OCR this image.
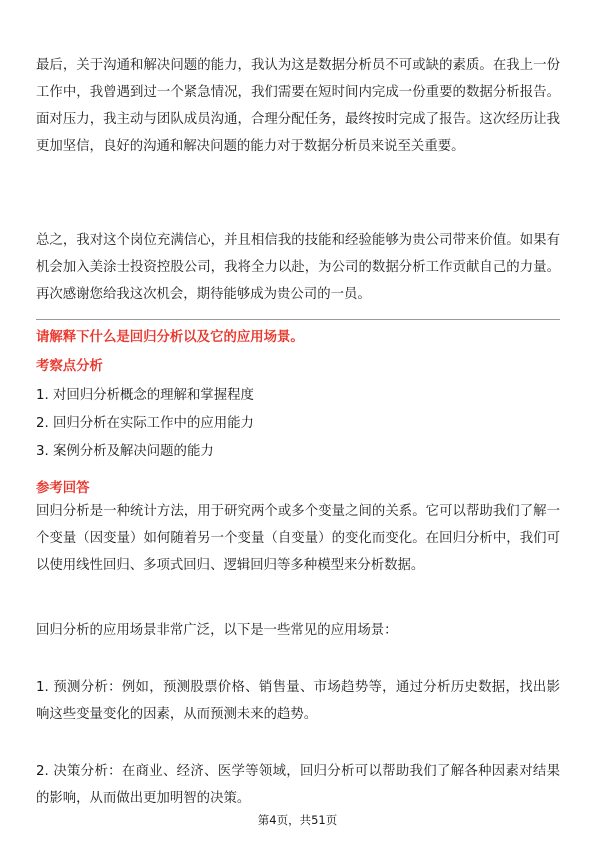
最后，关于沟通和解决问题的能力，我认为这是数据分析员不可或缺的素质。在我上一份工作中，我曾遇到过一个紧急情况，我们需要在短时间内完成一份重要的数据分析报告。面对压力，我主动与团队成员沟通，合理分配任务，最终按时完成了报告。这次经历让我更加坚信，良好的沟通和解决问题的能力对于数据分析员来说至关重要。

总之，我对这个岗位充满信心，并且相信我的技能和经验能够为贵公司带来价值。如果有机会加入美涂士投资控股公司，我将全力以赴，为公司的数据分析工作贡献自己的力量。再次感谢您给我这次机会，期待能够成为贵公司的一员。

请解释下什么是回归分析以及它的应用场景。

考察点分析

1. 对回归分析概念的理解和掌握程度

2. 回归分析在实际工作中的应用能力

3. 案例分析及解决问题的能力

参考回答

回归分析是一种统计方法，用于研究两个或多个变量之间的关系。它可以帮助我们了解一个变量（因变量）如何随着另一个变量（自变量）的变化而变化。在回归分析中，我们可以使用线性回归、多项式回归、逻辑回归等多种模型来分析数据。

回归分析的应用场景非常广泛，以下是一些常见的应用场景：

1. 预测分析：例如，预测股票价格、销售量、市场趋势等，通过分析历史数据，找出影响这些变量变化的因素，从而预测未来的趋势。

2. 决策分析：在商业、经济、医学等领域，回归分析可以帮助我们了解各种因素对结果的影响，从而做出更加明智的决策。

第4页，共51页
